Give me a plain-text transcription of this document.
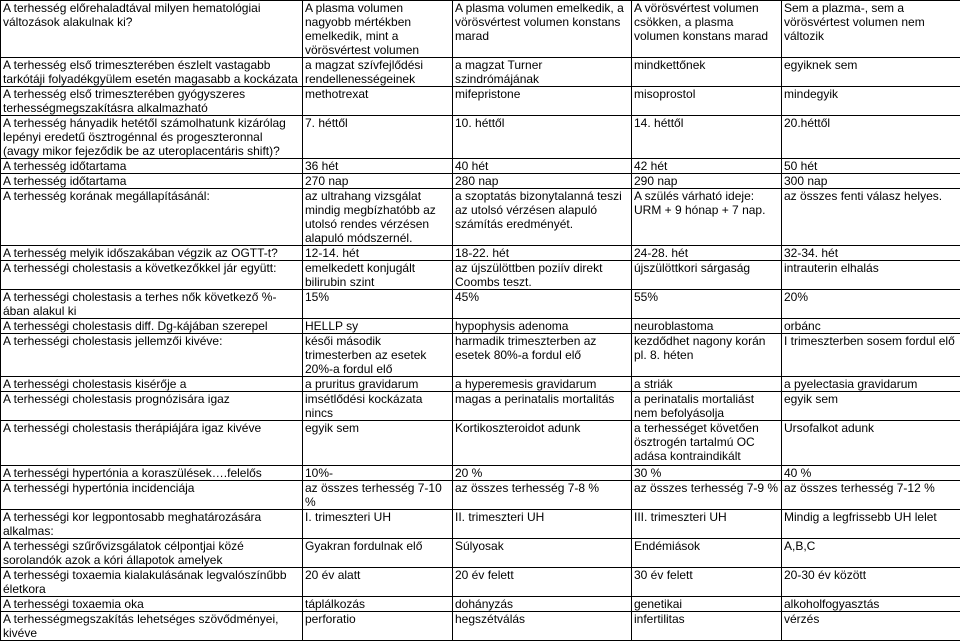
A terhesség előrehaladtával milyen hematológiai változások alakulnak ki?	A plasma volumen nagyobb mértékben emelkedik, mint a vörösvértest volumen	A plasma volumen emelkedik, a vörösvértest volumen konstans marad	A vörösvértest volumen csökken, a plasma volumen konstans marad	Sem a plazma-, sem a vörösvértest volumen nem változik
A terhesség első trimeszterében észlelt vastagabb tarkótáji folyadékgyülem esetén magasabb a kockázata	a magzat szívfejlődési rendellenességeinek	a magzat Turner szindrómájának	mindkettőnek	egyiknek sem
A terhesség első trimeszterében gyógyszeres terhességmegszakításra alkalmazható	methotrexat	mifepristone	misoprostol	mindegyik
A terhesség hányadik hetétől számolhatunk kizárólag lepényi eredetű ösztrogénnal és progeszteronnal (avagy mikor fejeződik be az uteroplacentáris shift)?	7. héttől	10. héttől	14. héttől	20.héttől
A terhesség időtartama	36 hét	40 hét	42 hét	50 hét
A terhesség időtartama	270 nap	280 nap	290 nap	300 nap
A terhesség korának megállapításánál:	az ultrahang vizsgálat mindig megbízhatóbb az utolsó rendes vérzésen alapuló módszernél.	a szoptatás bizonytalanná teszi az utolsó vérzésen alapuló számítás eredményét.	A szülés várható ideje: URM + 9 hónap + 7 nap.	az összes fenti válasz helyes.
A terhesség melyik időszakában végzik az OGTT-t?	12-14. hét	18-22. hét	24-28. hét	32-34. hét
A terhességi cholestasis a következőkkel jár együtt:	emelkedett konjugált bilirubin szint	az újszülöttben poziív direkt Coombs teszt.	újszülöttkori sárgaság	intrauterin elhalás
A terhességi cholestasis a terhes nők következő %-ában alakul ki	15%	45%	55%	20%
A terhességi cholestasis diff. Dg-kájában szerepel	HELLP sy	hypophysis adenoma	neuroblastoma	orbánc
A terhességi cholestasis jellemzői kivéve:	késői második trimesterben az esetek 20%-a fordul elő	harmadik trimeszterben az esetek 80%-a fordul elő	kezdődhet nagony korán pl. 8. héten	I trimeszterben sosem fordul elő
A terhességi cholestasis kisérője a	a pruritus gravidarum	a hyperemesis gravidarum	a striák	a pyelectasia gravidarum
A terhességi cholestasis prognózisára igaz	imsétlődési kockázata nincs	magas a perinatalis mortalitás	a perinatalis mortaliást nem befolyásolja	egyik sem
A terhességi cholestasis therápiájára igaz kivéve	egyik sem	Kortikoszteroidot adunk	a terhességet követően ösztrogén tartalmú OC adása kontraindikált	Ursofalkot adunk
A terhességi hypertónia a koraszülések….felelős	10%-	20 %	30 %	40 %
A terhességi hypertónia incidenciája	az összes terhesség 7-10 %	az összes terhesség 7-8 %	az összes terhesség 7-9 %	az összes terhesség 7-12 %
A terhességi kor legpontosabb meghatározására alkalmas:	I. trimeszteri UH	II. trimeszteri UH	III. trimeszteri UH	Mindig a legfrissebb UH lelet
A terhességi szűrővizsgálatok célpontjai közé sorolandók azok a kóri állapotok amelyek	Gyakran fordulnak elő	Súlyosak	Endémiások	A,B,C
A terhességi toxaemia kialakulásának legvalószínűbb életkora	20 év alatt	20 év felett	30 év felett	20-30 év között
A terhességi toxaemia oka	táplálkozás	dohányzás	genetikai	alkoholfogyasztás
A terhességmegszakítás lehetséges szövődményei, kivéve	perforatio	hegszétválás	infertilitas	vérzés
